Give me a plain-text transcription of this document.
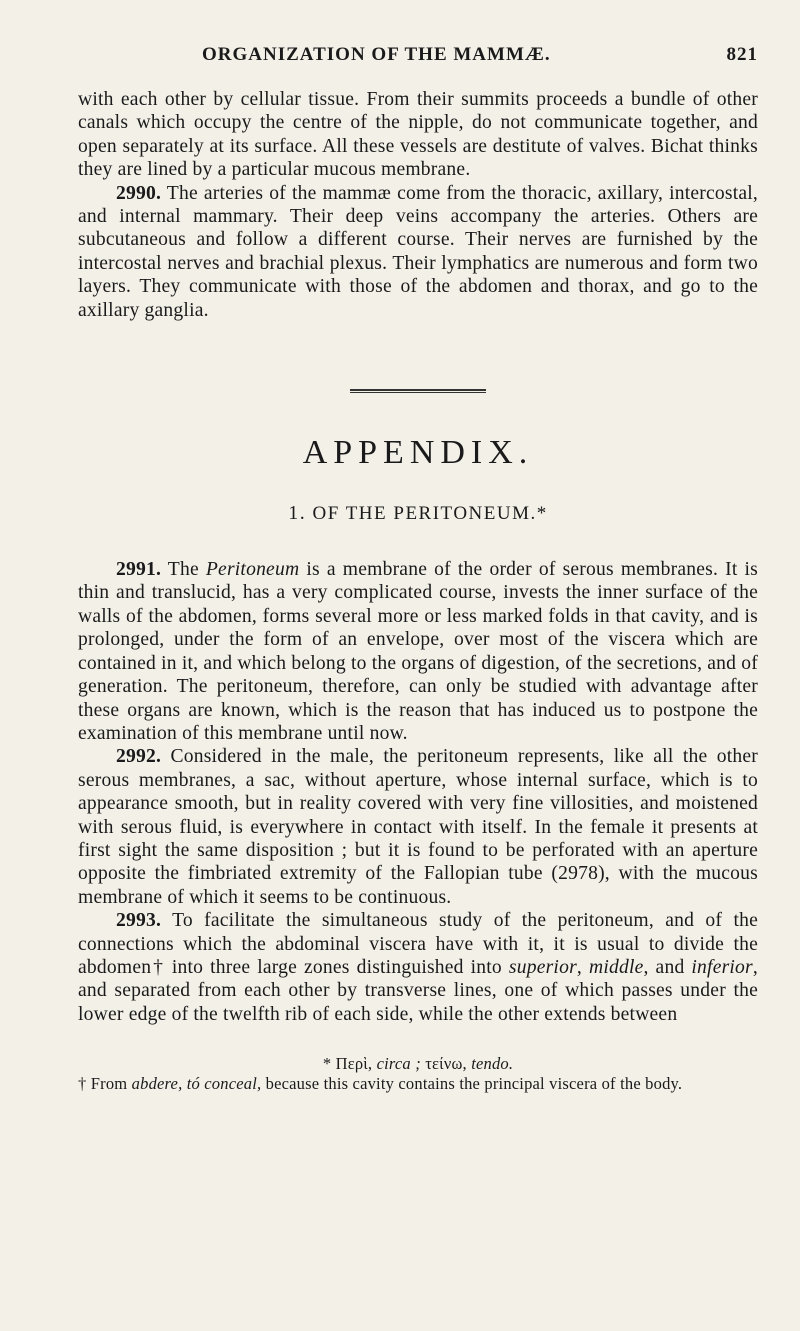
ORGANIZATION OF THE MAMMÆ.	821

with each other by cellular tissue. From their summits proceeds a bundle of other canals which occupy the centre of the nipple, do not communicate together, and open separately at its surface. All these vessels are destitute of valves. Bichat thinks they are lined by a particular mucous membrane.

2990. The arteries of the mammæ come from the thoracic, axillary, intercostal, and internal mammary. Their deep veins accompany the arteries. Others are subcutaneous and follow a different course. Their nerves are furnished by the intercostal nerves and brachial plexus. Their lymphatics are numerous and form two layers. They communicate with those of the abdomen and thorax, and go to the axillary ganglia.

APPENDIX.
1. OF THE PERITONEUM.*

2991. The Peritoneum is a membrane of the order of serous membranes. It is thin and translucid, has a very complicated course, invests the inner surface of the walls of the abdomen, forms several more or less marked folds in that cavity, and is prolonged, under the form of an envelope, over most of the viscera which are contained in it, and which belong to the organs of digestion, of the secretions, and of generation. The peritoneum, therefore, can only be studied with advantage after these organs are known, which is the reason that has induced us to postpone the examination of this membrane until now.

2992. Considered in the male, the peritoneum represents, like all the other serous membranes, a sac, without aperture, whose internal surface, which is to appearance smooth, but in reality covered with very fine villosities, and moistened with serous fluid, is everywhere in contact with itself. In the female it presents at first sight the same disposition ; but it is found to be perforated with an aperture opposite the fimbriated extremity of the Fallopian tube (2978), with the mucous membrane of which it seems to be continuous.

2993. To facilitate the simultaneous study of the peritoneum, and of the connections which the abdominal viscera have with it, it is usual to divide the abdomen† into three large zones distinguished into superior, middle, and inferior, and separated from each other by transverse lines, one of which passes under the lower edge of the twelfth rib of each side, while the other extends between

* Περὶ, circa ; τείνω, tendo.

† From abdere, tó conceal, because this cavity contains the principal viscera of the body.
